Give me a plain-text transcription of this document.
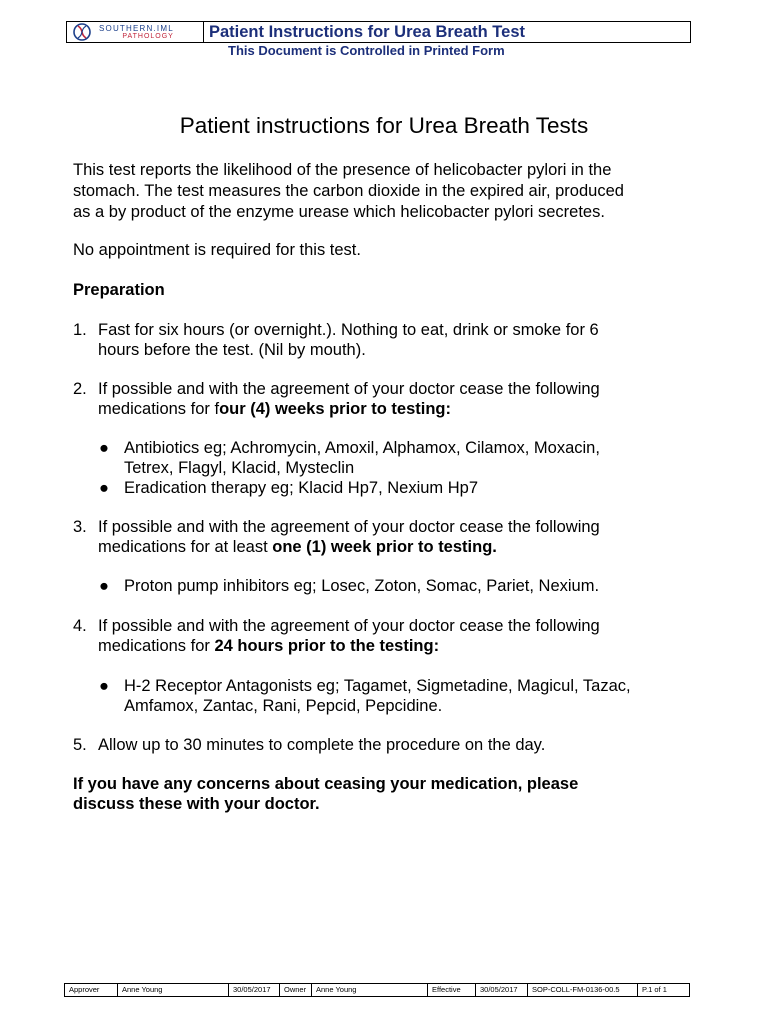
SOUTHERN.IML
PATHOLOGY	Patient Instructions for Urea Breath Test
This Document is Controlled in Printed Form
Patient instructions for Urea Breath Tests
This test reports the likelihood of the presence of helicobacter pylori in the
stomach. The test measures the carbon dioxide in the expired air, produced
as a by product of the enzyme urease which helicobacter pylori secretes.
No appointment is required for this test.
Preparation
1. Fast for six hours (or overnight.). Nothing to eat, drink or smoke for 6
hours before the test. (Nil by mouth).
2. If possible and with the agreement of your doctor cease the following
medications for four (4) weeks prior to testing:
● Antibiotics eg; Achromycin, Amoxil, Alphamox, Cilamox, Moxacin,
Tetrex, Flagyl, Klacid, Mysteclin
● Eradication therapy eg; Klacid Hp7, Nexium Hp7
3. If possible and with the agreement of your doctor cease the following
medications for at least one (1) week prior to testing.
● Proton pump inhibitors eg; Losec, Zoton, Somac, Pariet, Nexium.
4. If possible and with the agreement of your doctor cease the following
medications for 24 hours prior to the testing:
● H-2 Receptor Antagonists eg; Tagamet, Sigmetadine, Magicul, Tazac,
Amfamox, Zantac, Rani, Pepcid, Pepcidine.
5. Allow up to 30 minutes to complete the procedure on the day.
If you have any concerns about ceasing your medication, please
discuss these with your doctor.
Approver	Anne Young	30/05/2017	Owner	Anne Young	Effective	30/05/2017	SOP-COLL-FM-0136-00.5	P.1 of 1
